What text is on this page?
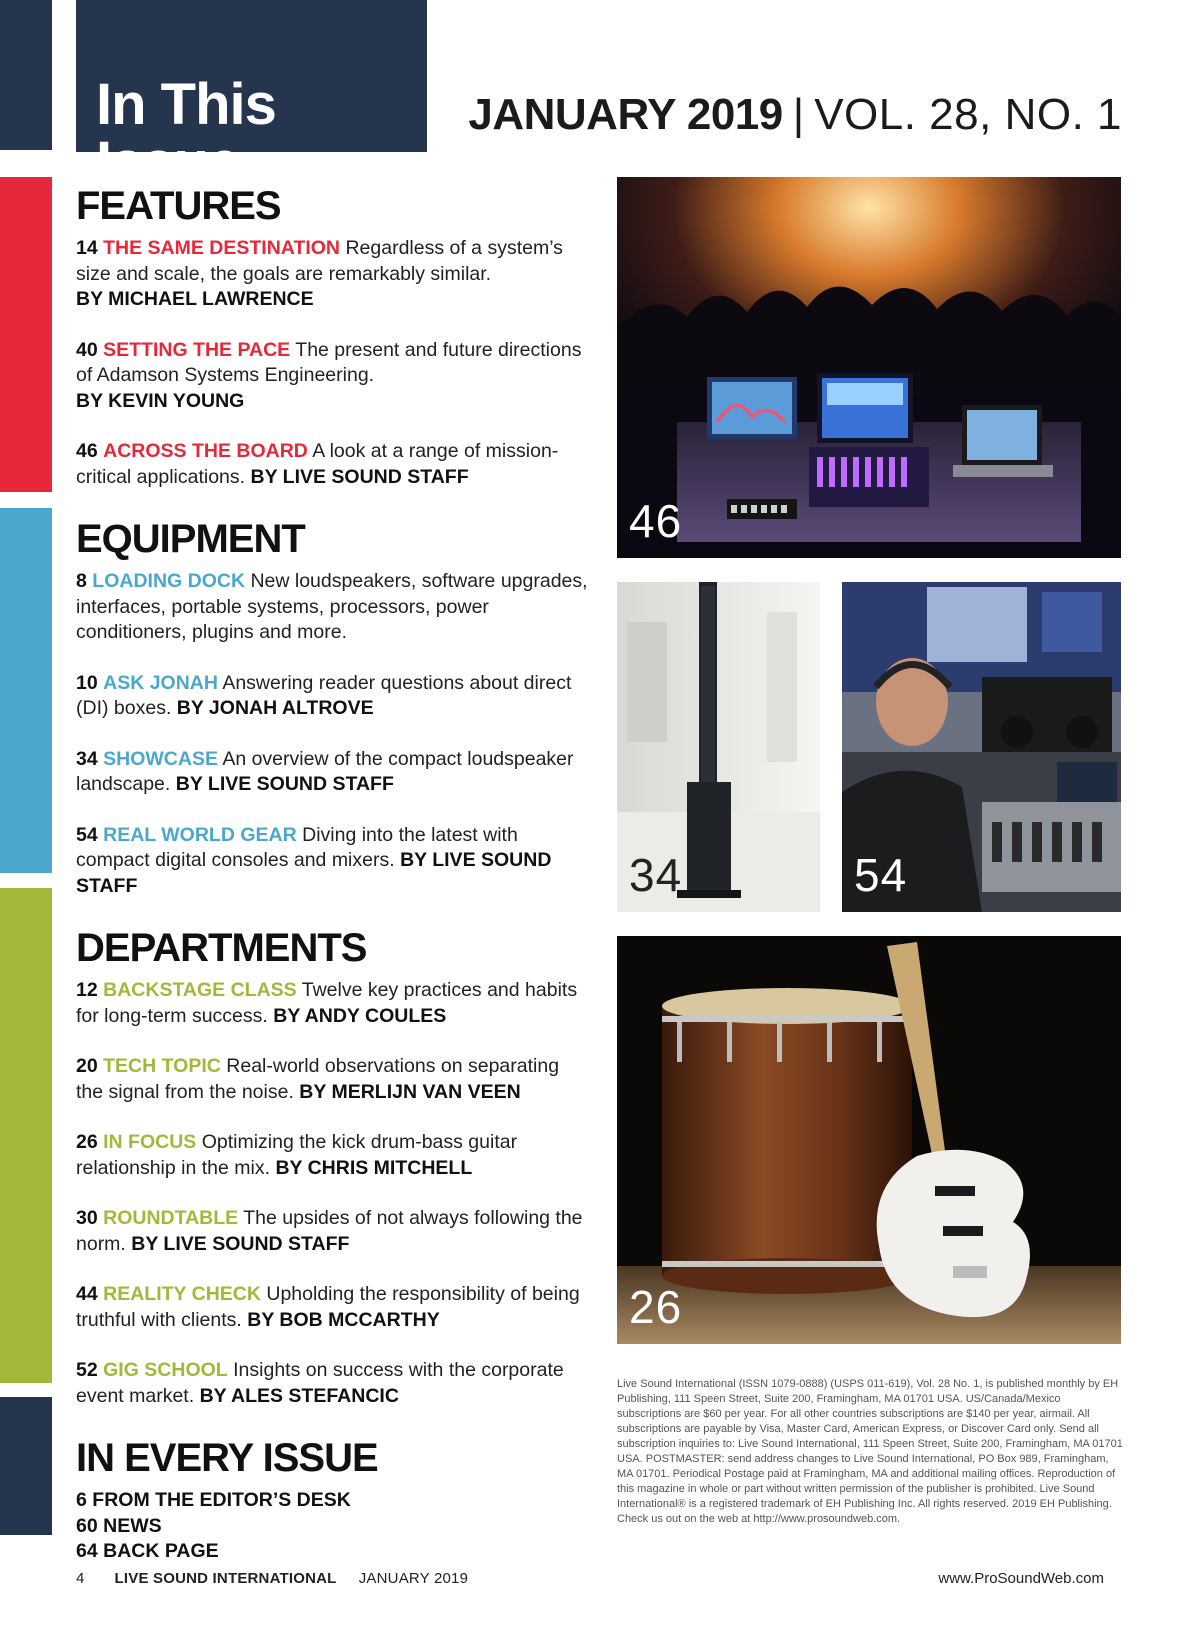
In This Issue
JANUARY 2019 | VOL. 28, NO. 1
FEATURES
14 THE SAME DESTINATION Regardless of a system’s size and scale, the goals are remarkably similar.
BY MICHAEL LAWRENCE
40 SETTING THE PACE The present and future directions of Adamson Systems Engineering.
BY KEVIN YOUNG
46 ACROSS THE BOARD A look at a range of mission-critical applications. BY LIVE SOUND STAFF
EQUIPMENT
8 LOADING DOCK New loudspeakers, software upgrades, interfaces, portable systems, processors, power conditioners, plugins and more.
10 ASK JONAH Answering reader questions about direct (DI) boxes. BY JONAH ALTROVE
34 SHOWCASE An overview of the compact loudspeaker landscape. BY LIVE SOUND STAFF
54 REAL WORLD GEAR Diving into the latest with compact digital consoles and mixers. BY LIVE SOUND STAFF
DEPARTMENTS
12 BACKSTAGE CLASS Twelve key practices and habits for long-term success. BY ANDY COULES
20 TECH TOPIC Real-world observations on separating the signal from the noise. BY MERLIJN VAN VEEN
26 IN FOCUS Optimizing the kick drum-bass guitar relationship in the mix. BY CHRIS MITCHELL
30 ROUNDTABLE The upsides of not always following the norm. BY LIVE SOUND STAFF
44 REALITY CHECK Upholding the responsibility of being truthful with clients. BY BOB MCCARTHY
52 GIG SCHOOL Insights on success with the corporate event market. BY ALES STEFANCIC
IN EVERY ISSUE
6 FROM THE EDITOR’S DESK
60 NEWS
64 BACK PAGE
46
34	54
26
Live Sound International (ISSN 1079-0888) (USPS 011-619), Vol. 28 No. 1, is published monthly by EH Publishing, 111 Speen Street, Suite 200, Framingham, MA 01701 USA. US/Canada/Mexico subscriptions are $60 per year. For all other countries subscriptions are $140 per year, airmail. All subscriptions are payable by Visa, Master Card, American Express, or Discover Card only. Send all subscription inquiries to: Live Sound International, 111 Speen Street, Suite 200, Framingham, MA 01701 USA. POSTMASTER: send address changes to Live Sound International, PO Box 989, Framingham, MA 01701. Periodical Postage paid at Framingham, MA and additional mailing offices. Reproduction of this magazine in whole or part without written permission of the publisher is prohibited. Live Sound International® is a registered trademark of EH Publishing Inc. All rights reserved. 2019 EH Publishing. Check us out on the web at http://www.prosoundweb.com.
4 LIVE SOUND INTERNATIONAL JANUARY 2019	www.ProSoundWeb.com
